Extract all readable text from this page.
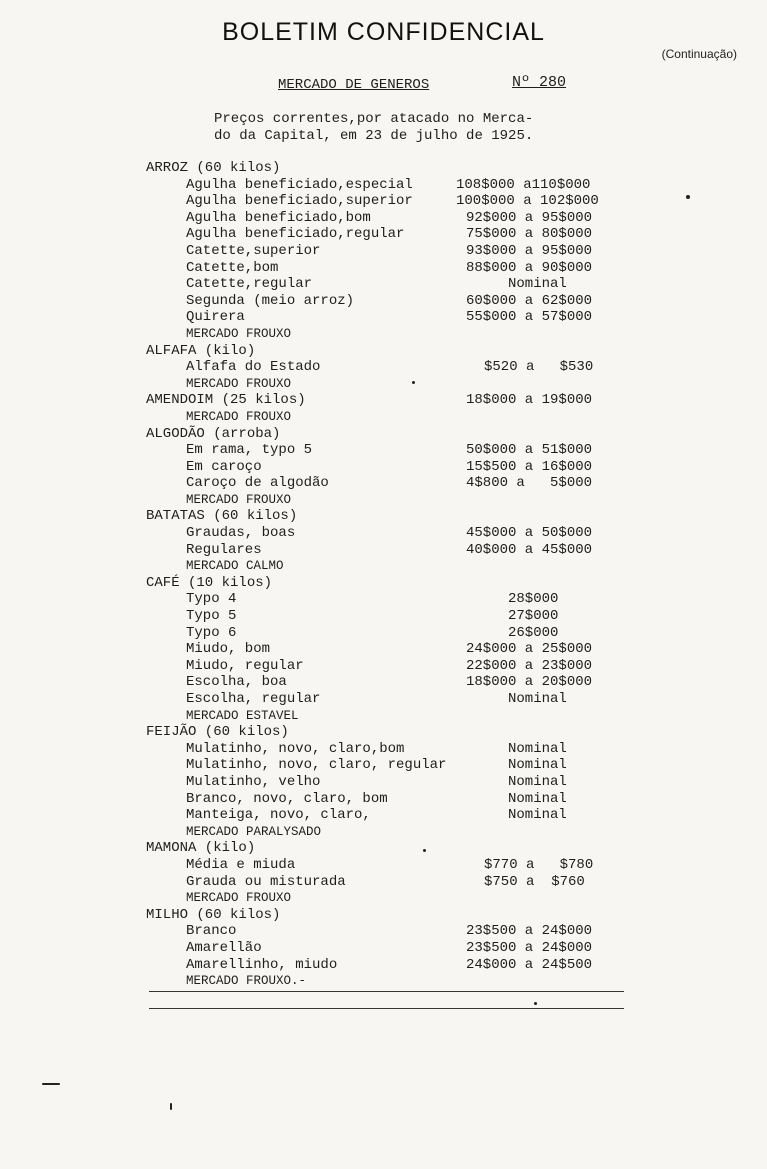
BOLETIM CONFIDENCIAL
(Continuação)
MERCADO DE GENEROS	Nº 280
Preços correntes,por atacado no Merca-
do da Capital, em 23 de julho de 1925.
ARROZ (60 kilos)
Agulha beneficiado,especial	108$000 a110$000
Agulha beneficiado,superior	100$000 a 102$000
Agulha beneficiado,bom	92$000 a 95$000
Agulha beneficiado,regular	75$000 a 80$000
Catette,superior	93$000 a 95$000
Catette,bom	88$000 a 90$000
Catette,regular	Nominal
Segunda (meio arroz)	60$000 a 62$000
Quirera	55$000 a 57$000
MERCADO FROUXO
ALFAFA (kilo)
Alfafa do Estado	$520 a   $530
MERCADO FROUXO
AMENDOIM (25 kilos)	18$000 a 19$000
MERCADO FROUXO
ALGODÃO (arroba)
Em rama, typo 5	50$000 a 51$000
Em caroço	15$500 a 16$000
Caroço de algodão	4$800 a   5$000
MERCADO FROUXO
BATATAS (60 kilos)
Graudas, boas	45$000 a 50$000
Regulares	40$000 a 45$000
MERCADO CALMO
CAFÉ (10 kilos)
Typo 4	28$000
Typo 5	27$000
Typo 6	26$000
Miudo, bom	24$000 a 25$000
Miudo, regular	22$000 a 23$000
Escolha, boa	18$000 a 20$000
Escolha, regular	Nominal
MERCADO ESTAVEL
FEIJÃO (60 kilos)
Mulatinho, novo, claro,bom	Nominal
Mulatinho, novo, claro, regular	Nominal
Mulatinho, velho	Nominal
Branco, novo, claro, bom	Nominal
Manteiga, novo, claro,	Nominal
MERCADO PARALYSADO
MAMONA (kilo)
Média e miuda	$770 a   $780
Grauda ou misturada	$750 a  $760
MERCADO FROUXO
MILHO (60 kilos)
Branco	23$500 a 24$000
Amarellão	23$500 a 24$000
Amarellinho, miudo	24$000 a 24$500
MERCADO FROUXO.-
